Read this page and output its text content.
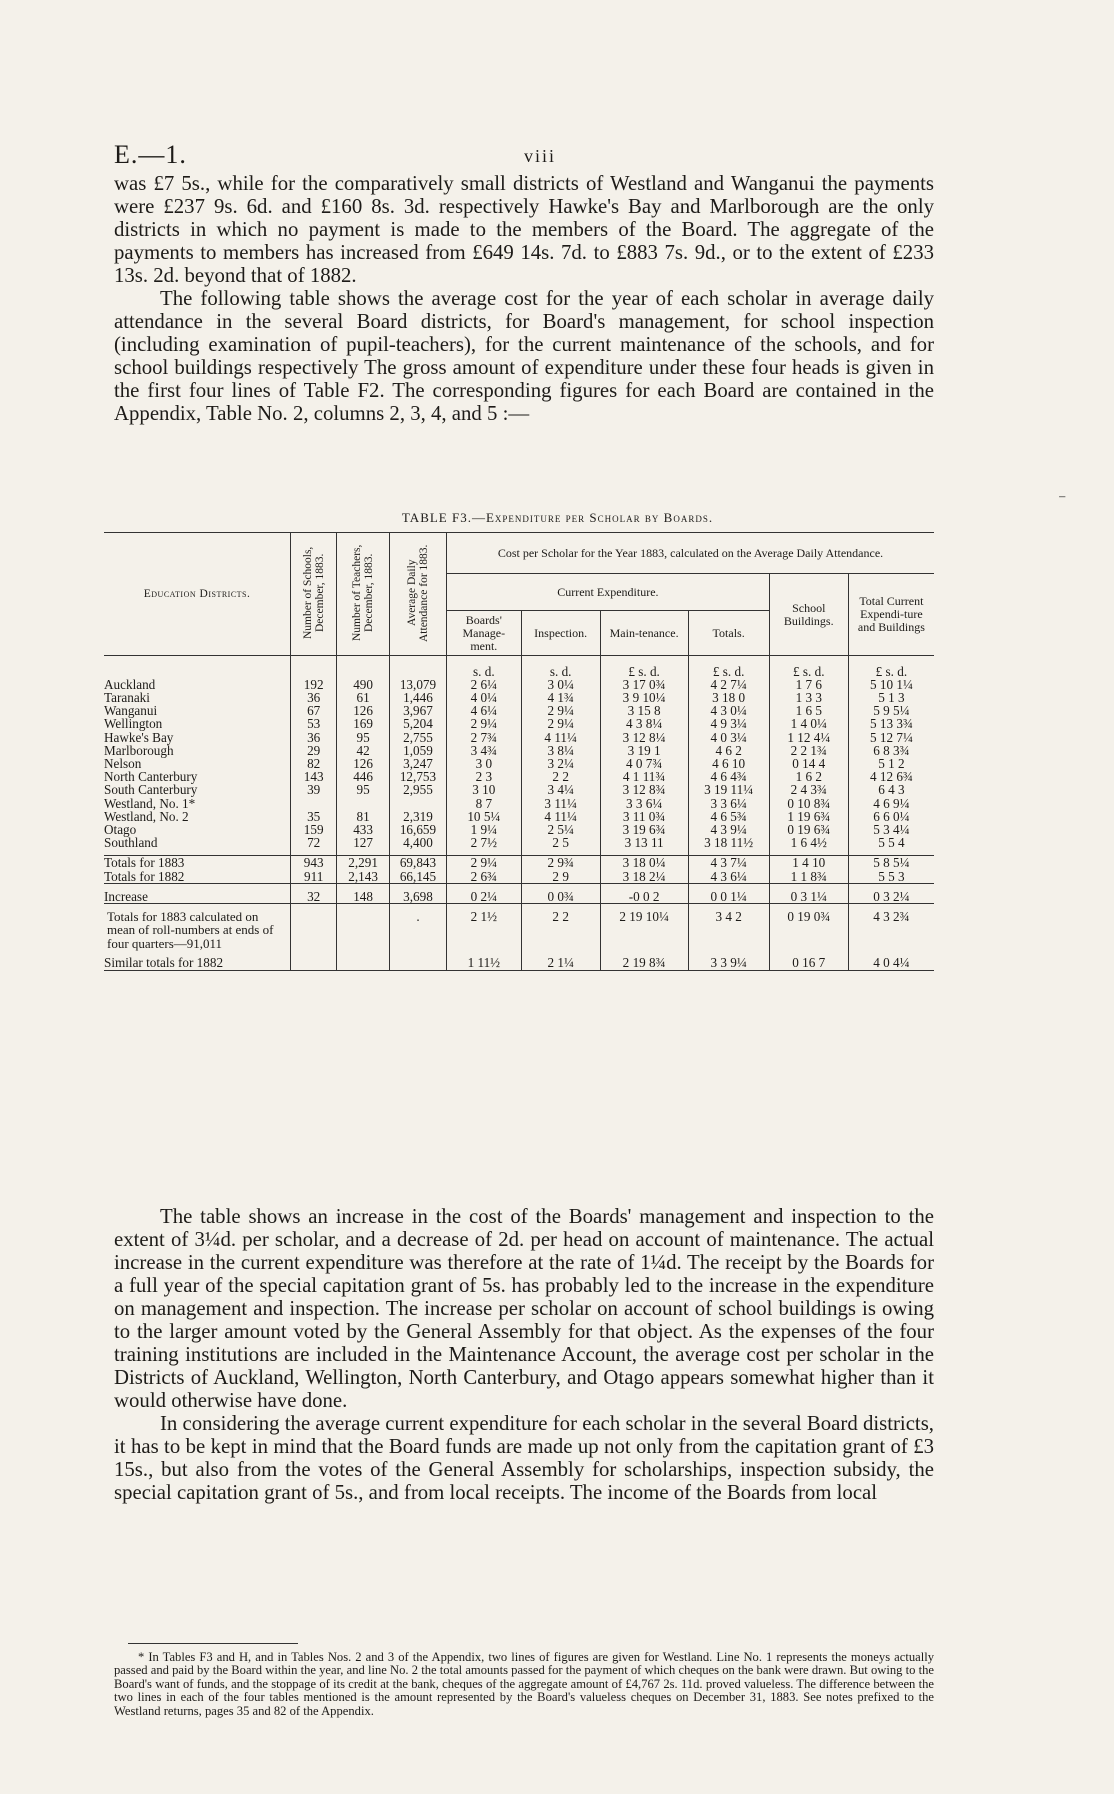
E.—1.	viii

was £7 5s., while for the comparatively small districts of Westland and Wanganui the payments were £237 9s. 6d. and £160 8s. 3d. respectively Hawke's Bay and Marlborough are the only districts in which no payment is made to the members of the Board. The aggregate of the payments to members has increased from £649 14s. 7d. to £883 7s. 9d., or to the extent of £233 13s. 2d. beyond that of 1882.

The following table shows the average cost for the year of each scholar in average daily attendance in the several Board districts, for Board's management, for school inspection (including examination of pupil-teachers), for the current maintenance of the schools, and for school buildings respectively The gross amount of expenditure under these four heads is given in the first four lines of Table F2. The corresponding figures for each Board are contained in the Appendix, Table No. 2, columns 2, 3, 4, and 5 :—

TABLE F3.—Expenditure per Scholar by Boards.
Education Districts.	Number of Schools, December, 1883.	Number of Teachers, December, 1883.	Average Daily Attendance for 1883.	Cost per Scholar for the Year 1883, calculated on the Average Daily Attendance.					
				Current Expenditure.				School Buildings.	Total Current Expendi-ture and Buildings
				Boards' Manage-ment.	Inspection.	Main-tenance.	Totals.		
				s. d.	s. d.	£ s. d.	£ s. d.	£ s. d.	£ s. d.
Auckland	192	490	13,079	2 6¼	3 0¼	3 17 0¾	4 2 7¼	1 7 6	5 10 1¼
Taranaki	36	61	1,446	4 0¼	4 1¾	3 9 10¼	3 18 0	1 3 3	5 1 3
Wanganui	67	126	3,967	4 6¼	2 9¼	3 15 8	4 3 0¼	1 6 5	5 9 5¼
Wellington	53	169	5,204	2 9¼	2 9¼	4 3 8¼	4 9 3¼	1 4 0¼	5 13 3¾
Hawke's Bay	36	95	2,755	2 7¾	4 11¼	3 12 8¼	4 0 3¼	1 12 4¼	5 12 7¼
Marlborough	29	42	1,059	3 4¾	3 8¼	3 19 1	4 6 2	2 2 1¾	6 8 3¾
Nelson	82	126	3,247	3 0	3 2¼	4 0 7¾	4 6 10	0 14 4	5 1 2
North Canterbury	143	446	12,753	2 3	2 2	4 1 11¾	4 6 4¾	1 6 2	4 12 6¾
South Canterbury	39	95	2,955	3 10	3 4¼	3 12 8¾	3 19 11¼	2 4 3¾	6 4 3
Westland, No. 1*				8 7	3 11¼	3 3 6¼	3 3 6¼	0 10 8¾	4 6 9¼
Westland, No. 2	35	81	2,319	10 5¼	4 11¼	3 11 0¾	4 6 5¾	1 19 6¾	6 6 0¼
Otago	159	433	16,659	1 9¼	2 5¼	3 19 6¾	4 3 9¼	0 19 6¾	5 3 4¼
Southland	72	127	4,400	2 7½	2 5	3 13 11	3 18 11½	1 6 4½	5 5 4

Totals for 1883	943	2,291	69,843	2 9¼	2 9¾	3 18 0¼	4 3 7¼	1 4 10	5 8 5¼
Totals for 1882	911	2,143	66,145	2 6¾	2 9	3 18 2¼	4 3 6¼	1 1 8¾	5 5 3

Increase	32	148	3,698	0 2¼	0 0¾	-0 0 2	0 0 1¼	0 3 1¼	0 3 2¼

Totals for 1883 calculated on mean of roll-numbers at ends of four quarters—91,011			.	2 1½	2 2	2 19 10¼	3 4 2	0 19 0¾	4 3 2¾

Similar totals for 1882				1 11½	2 1¼	2 19 8¾	3 3 9¼	0 16 7	4 0 4¼

The table shows an increase in the cost of the Boards' management and inspection to the extent of 3¼d. per scholar, and a decrease of 2d. per head on account of maintenance. The actual increase in the current expenditure was therefore at the rate of 1¼d. The receipt by the Boards for a full year of the special capitation grant of 5s. has probably led to the increase in the expenditure on management and inspection. The increase per scholar on account of school buildings is owing to the larger amount voted by the General Assembly for that object. As the expenses of the four training institutions are included in the Maintenance Account, the average cost per scholar in the Districts of Auckland, Wellington, North Canterbury, and Otago appears somewhat higher than it would otherwise have done.

In considering the average current expenditure for each scholar in the several Board districts, it has to be kept in mind that the Board funds are made up not only from the capitation grant of £3 15s., but also from the votes of the General Assembly for scholarships, inspection subsidy, the special capitation grant of 5s., and from local receipts. The income of the Boards from local

* In Tables F3 and H, and in Tables Nos. 2 and 3 of the Appendix, two lines of figures are given for Westland. Line No. 1 represents the moneys actually passed and paid by the Board within the year, and line No. 2 the total amounts passed for the payment of which cheques on the bank were drawn. But owing to the Board's want of funds, and the stoppage of its credit at the bank, cheques of the aggregate amount of £4,767 2s. 11d. proved valueless. The difference between the two lines in each of the four tables mentioned is the amount represented by the Board's valueless cheques on December 31, 1883. See notes prefixed to the Westland returns, pages 35 and 82 of the Appendix.

⁻
